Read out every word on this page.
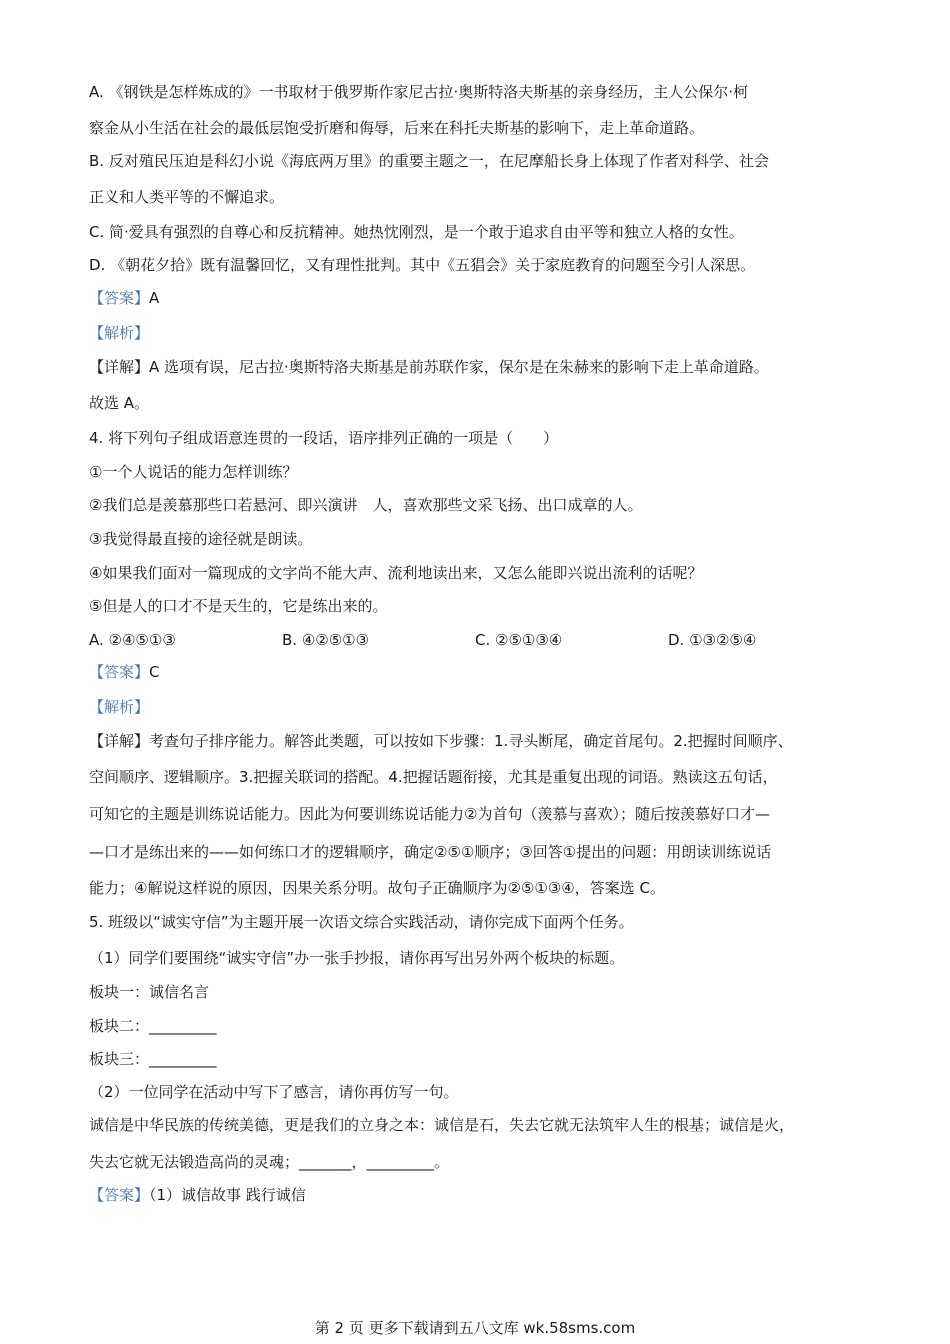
A. 《钢铁是怎样炼成的》一书取材于俄罗斯作家尼古拉·奥斯特洛夫斯基的亲身经历，主人公保尔·柯
察金从小生活在社会的最低层饱受折磨和侮辱，后来在科托夫斯基的影响下，走上革命道路。
B. 反对殖民压迫是科幻小说《海底两万里》的重要主题之一，在尼摩船长身上体现了作者对科学、社会
正义和人类平等的不懈追求。
C. 简·爱具有强烈的自尊心和反抗精神。她热忱刚烈，是一个敢于追求自由平等和独立人格的女性。
D. 《朝花夕拾》既有温馨回忆，又有理性批判。其中《五猖会》关于家庭教育的问题至今引人深思。
【答案】A
【解析】
【详解】A 选项有误，尼古拉·奥斯特洛夫斯基是前苏联作家，保尔是在朱赫来的影响下走上革命道路。
故选 A。
4. 将下列句子组成语意连贯的一段话，语序排列正确的一项是（　　）
①一个人说话的能力怎样训练？
②我们总是羡慕那些口若悬河、即兴演讲　人，喜欢那些文采飞扬、出口成章的人。
③我觉得最直接的途径就是朗读。
④如果我们面对一篇现成的文字尚不能大声、流利地读出来，又怎么能即兴说出流利的话呢？
⑤但是人的口才不是天生的，它是练出来的。
A. ②④⑤①③	B. ④②⑤①③	C. ②⑤①③④	D. ①③②⑤④
【答案】C
【解析】
【详解】考查句子排序能力。解答此类题，可以按如下步骤：1.寻头断尾，确定首尾句。2.把握时间顺序、
空间顺序、逻辑顺序。3.把握关联词的搭配。4.把握话题衔接，尤其是重复出现的词语。熟读这五句话，
可知它的主题是训练说话能力。因此为何要训练说话能力②为首句（羡慕与喜欢）；随后按羡慕好口才—
—口才是练出来的——如何练口才的逻辑顺序，确定②⑤①顺序；③回答①提出的问题：用朗读训练说话
能力；④解说这样说的原因，因果关系分明。故句子正确顺序为②⑤①③④，答案选 C。
5. 班级以“诚实守信”为主题开展一次语文综合实践活动，请你完成下面两个任务。
（1）同学们要围绕“诚实守信”办一张手抄报，请你再写出另外两个板块的标题。
板块一：诚信名言
板块二：_________
板块三：_________
（2）一位同学在活动中写下了感言，请你再仿写一句。
诚信是中华民族的传统美德，更是我们的立身之本：诚信是石，失去它就无法筑牢人生的根基；诚信是火，
失去它就无法锻造高尚的灵魂；_______，_________。
【答案】（1）诚信故事 践行诚信
第 2 页 更多下载请到五八文库 wk.58sms.com
